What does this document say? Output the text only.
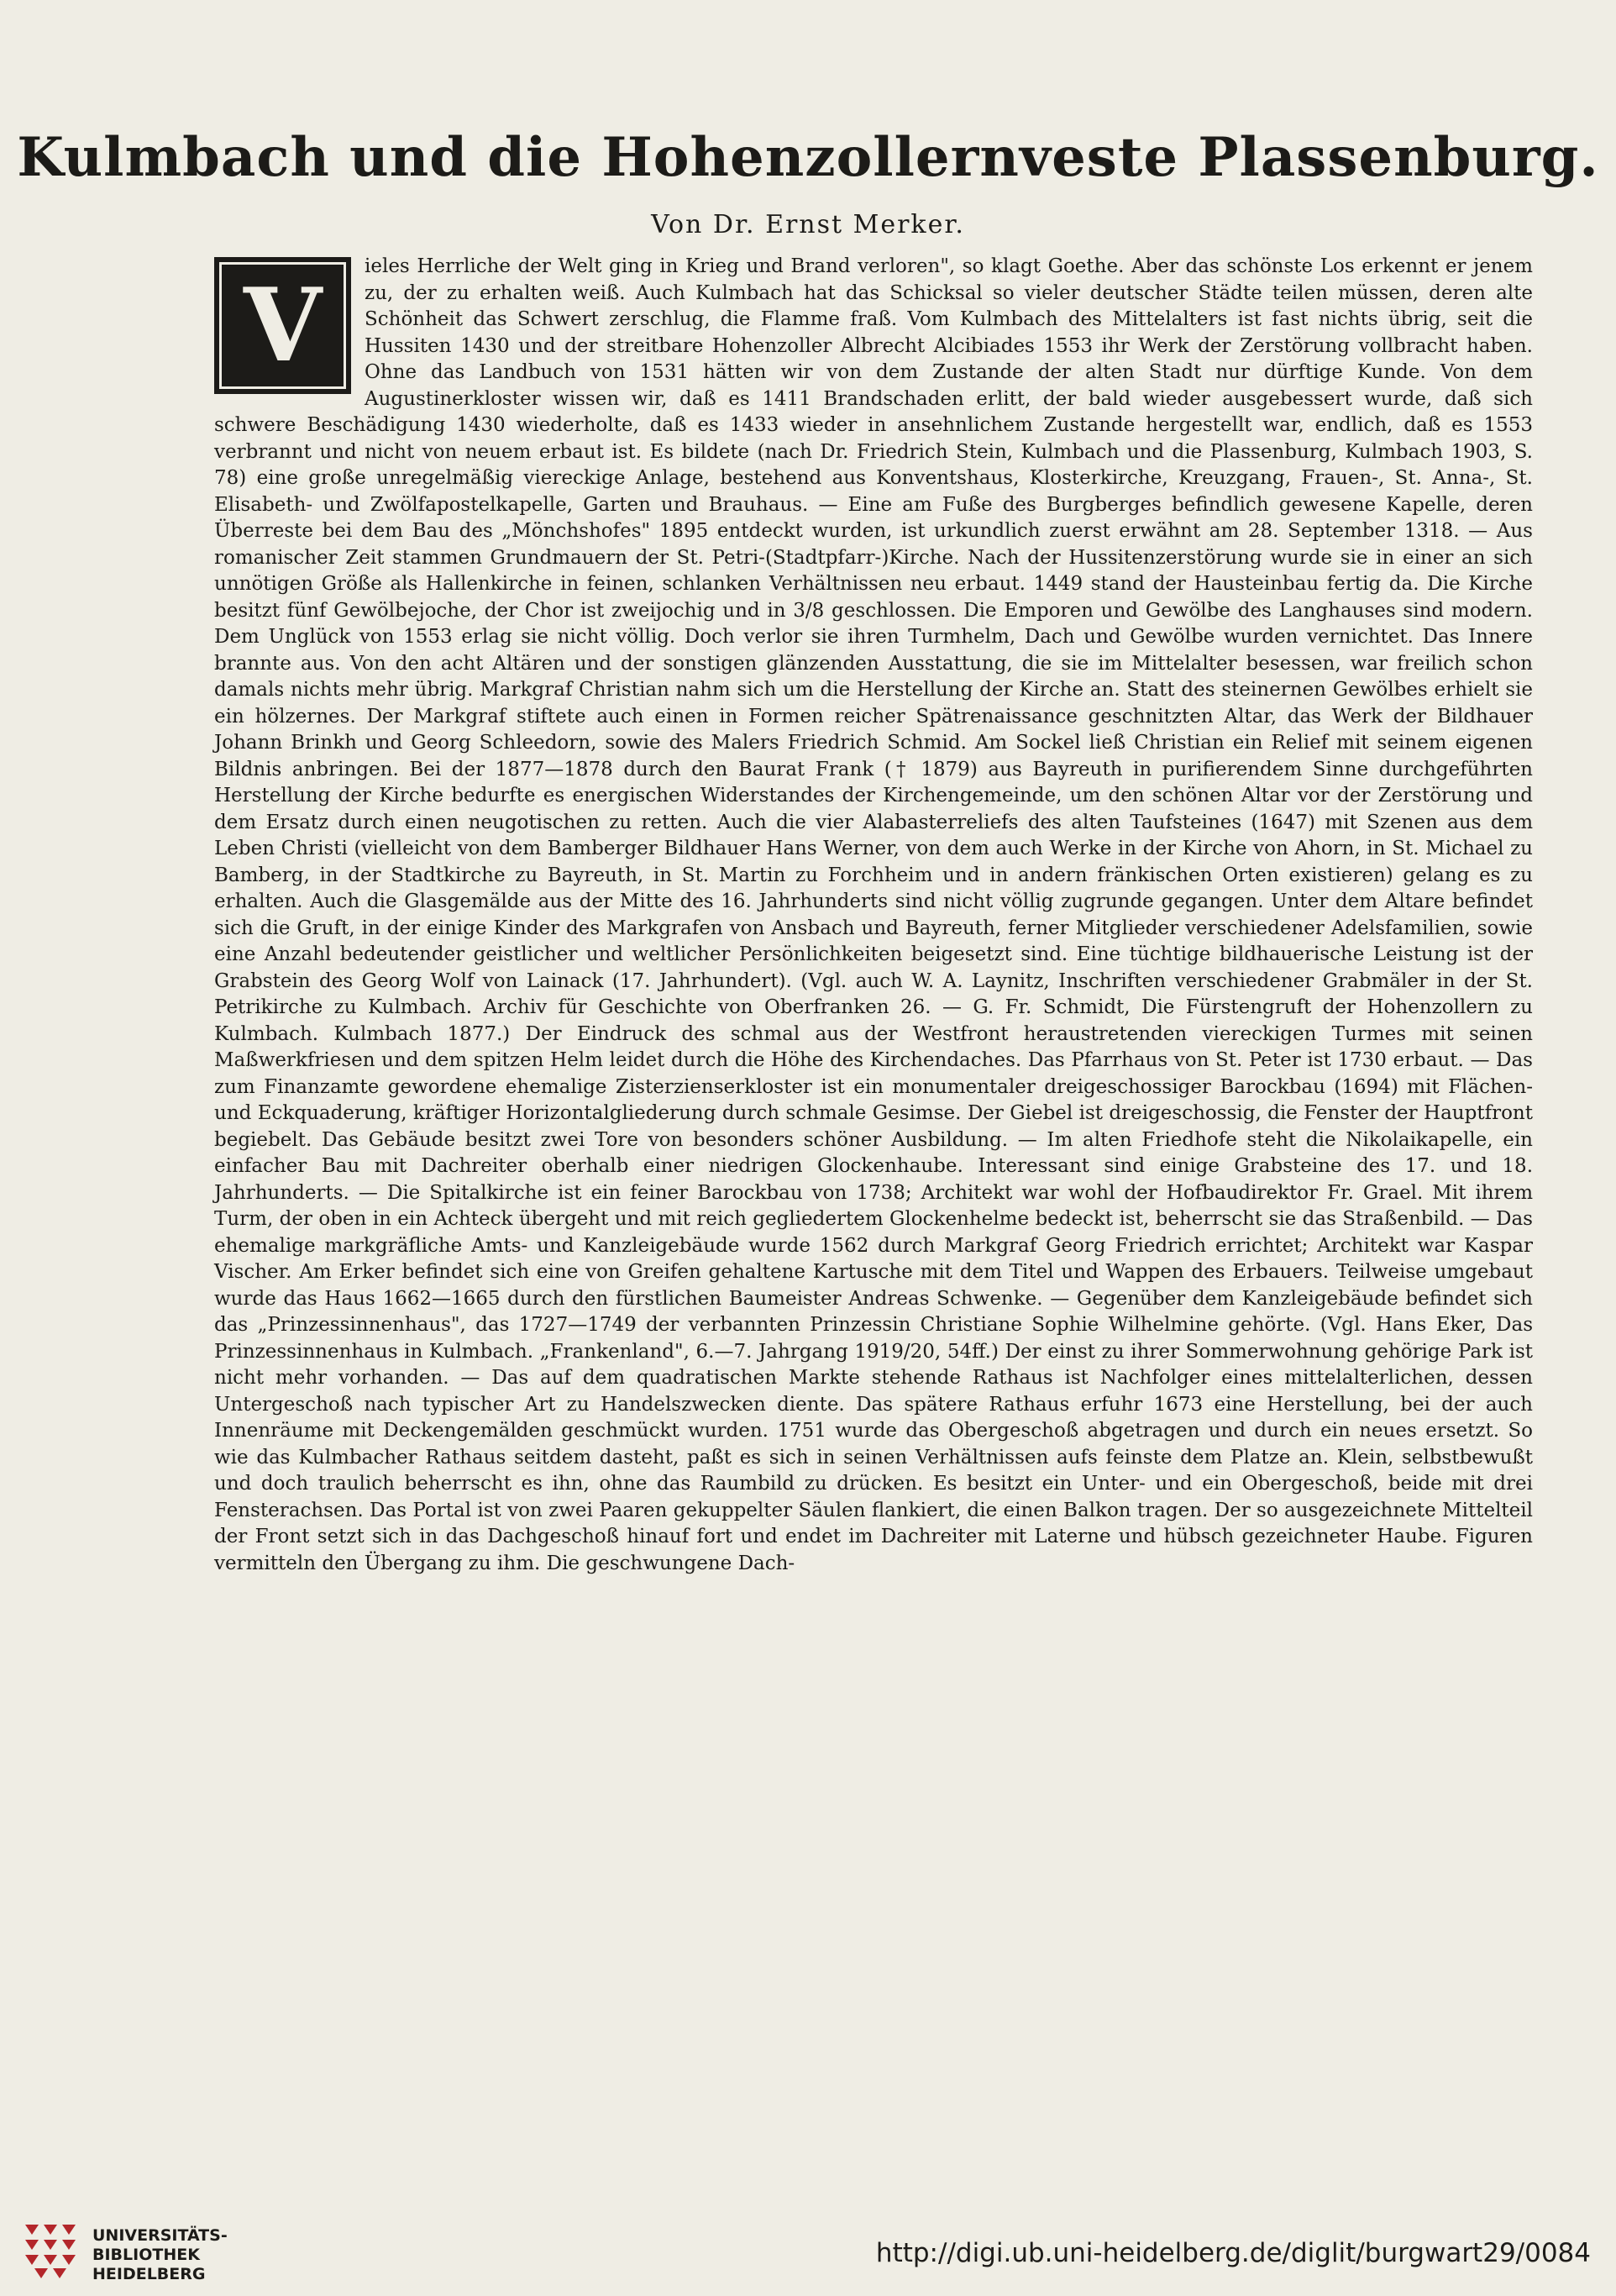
Kulmbach und die Hohenzollernveste Plassenburg.
Von Dr. Ernst Merker.

V	ieles Herrliche der Welt ging in Krieg und Brand verloren", so klagt Goethe. Aber das schönste Los erkennt er jenem zu, der zu erhalten weiß. Auch Kulmbach hat das Schicksal so vieler deutscher Städte teilen müssen, deren alte Schönheit das Schwert zerschlug, die Flamme fraß. Vom Kulmbach des Mittelalters ist fast nichts übrig, seit die Hussiten 1430 und der streitbare Hohenzoller Albrecht Alcibiades 1553 ihr Werk der Zerstörung vollbracht haben. Ohne das Landbuch von 1531 hätten wir von dem Zustande der alten Stadt nur dürftige Kunde. Von dem Augustinerkloster wissen wir, daß es 1411 Brandschaden erlitt, der bald wieder ausgebessert wurde, daß sich schwere Beschädigung 1430 wiederholte, daß es 1433 wieder in ansehnlichem Zustande hergestellt war, endlich, daß es 1553 verbrannt und nicht von neuem erbaut ist. Es bildete (nach Dr. Friedrich Stein, Kulmbach und die Plassenburg, Kulmbach 1903, S. 78) eine große unregelmäßig viereckige Anlage, bestehend aus Konventshaus, Klosterkirche, Kreuzgang, Frauen-, St. Anna-, St. Elisabeth- und Zwölfapostelkapelle, Garten und Brauhaus. — Eine am Fuße des Burgberges befindlich gewesene Kapelle, deren Überreste bei dem Bau des „Mönchshofes" 1895 entdeckt wurden, ist urkundlich zuerst erwähnt am 28. September 1318. — Aus romanischer Zeit stammen Grundmauern der St. Petri-(Stadtpfarr-)Kirche. Nach der Hussitenzerstörung wurde sie in einer an sich unnötigen Größe als Hallenkirche in feinen, schlanken Verhältnissen neu erbaut. 1449 stand der Hausteinbau fertig da. Die Kirche besitzt fünf Gewölbejoche, der Chor ist zweijochig und in 3/8 geschlossen. Die Emporen und Gewölbe des Langhauses sind modern. Dem Unglück von 1553 erlag sie nicht völlig. Doch verlor sie ihren Turmhelm, Dach und Gewölbe wurden vernichtet. Das Innere brannte aus. Von den acht Altären und der sonstigen glänzenden Ausstattung, die sie im Mittelalter besessen, war freilich schon damals nichts mehr übrig. Markgraf Christian nahm sich um die Herstellung der Kirche an. Statt des steinernen Gewölbes erhielt sie ein hölzernes. Der Markgraf stiftete auch einen in Formen reicher Spätrenaissance geschnitzten Altar, das Werk der Bildhauer Johann Brinkh und Georg Schleedorn, sowie des Malers Friedrich Schmid. Am Sockel ließ Christian ein Relief mit seinem eigenen Bildnis anbringen. Bei der 1877—1878 durch den Baurat Frank († 1879) aus Bayreuth in purifierendem Sinne durchgeführten Herstellung der Kirche bedurfte es energischen Widerstandes der Kirchengemeinde, um den schönen Altar vor der Zerstörung und dem Ersatz durch einen neugotischen zu retten. Auch die vier Alabasterreliefs des alten Taufsteines (1647) mit Szenen aus dem Leben Christi (vielleicht von dem Bamberger Bildhauer Hans Werner, von dem auch Werke in der Kirche von Ahorn, in St. Michael zu Bamberg, in der Stadtkirche zu Bayreuth, in St. Martin zu Forchheim und in andern fränkischen Orten existieren) gelang es zu erhalten. Auch die Glasgemälde aus der Mitte des 16. Jahrhunderts sind nicht völlig zugrunde gegangen. Unter dem Altare befindet sich die Gruft, in der einige Kinder des Markgrafen von Ansbach und Bayreuth, ferner Mitglieder verschiedener Adelsfamilien, sowie eine Anzahl bedeutender geistlicher und weltlicher Persönlichkeiten beigesetzt sind. Eine tüchtige bildhauerische Leistung ist der Grabstein des Georg Wolf von Lainack (17. Jahrhundert). (Vgl. auch W. A. Laynitz, Inschriften verschiedener Grabmäler in der St. Petrikirche zu Kulmbach. Archiv für Geschichte von Oberfranken 26. — G. Fr. Schmidt, Die Fürstengruft der Hohenzollern zu Kulmbach. Kulmbach 1877.) Der Eindruck des schmal aus der Westfront heraustretenden viereckigen Turmes mit seinen Maßwerkfriesen und dem spitzen Helm leidet durch die Höhe des Kirchendaches. Das Pfarrhaus von St. Peter ist 1730 erbaut. — Das zum Finanzamte gewordene ehemalige Zisterzienserkloster ist ein monumentaler dreigeschossiger Barockbau (1694) mit Flächen- und Eckquaderung, kräftiger Horizontalgliederung durch schmale Gesimse. Der Giebel ist dreigeschossig, die Fenster der Hauptfront begiebelt. Das Gebäude besitzt zwei Tore von besonders schöner Ausbildung. — Im alten Friedhofe steht die Nikolaikapelle, ein einfacher Bau mit Dachreiter oberhalb einer niedrigen Glockenhaube. Interessant sind einige Grabsteine des 17. und 18. Jahrhunderts. — Die Spitalkirche ist ein feiner Barockbau von 1738; Architekt war wohl der Hofbaudirektor Fr. Grael. Mit ihrem Turm, der oben in ein Achteck übergeht und mit reich gegliedertem Glockenhelme bedeckt ist, beherrscht sie das Straßenbild. — Das ehemalige markgräfliche Amts- und Kanzleigebäude wurde 1562 durch Markgraf Georg Friedrich errichtet; Architekt war Kaspar Vischer. Am Erker befindet sich eine von Greifen gehaltene Kartusche mit dem Titel und Wappen des Erbauers. Teilweise umgebaut wurde das Haus 1662—1665 durch den fürstlichen Baumeister Andreas Schwenke. — Gegenüber dem Kanzleigebäude befindet sich das „Prinzessinnenhaus", das 1727—1749 der verbannten Prinzessin Christiane Sophie Wilhelmine gehörte. (Vgl. Hans Eker, Das Prinzessinnenhaus in Kulmbach. „Frankenland", 6.—7. Jahrgang 1919/20, 54ff.) Der einst zu ihrer Sommerwohnung gehörige Park ist nicht mehr vorhanden. — Das auf dem quadratischen Markte stehende Rathaus ist Nachfolger eines mittelalterlichen, dessen Untergeschoß nach typischer Art zu Handelszwecken diente. Das spätere Rathaus erfuhr 1673 eine Herstellung, bei der auch Innenräume mit Deckengemälden geschmückt wurden. 1751 wurde das Obergeschoß abgetragen und durch ein neues ersetzt. So wie das Kulmbacher Rathaus seitdem dasteht, paßt es sich in seinen Verhältnissen aufs feinste dem Platze an. Klein, selbstbewußt und doch traulich beherrscht es ihn, ohne das Raumbild zu drücken. Es besitzt ein Unter- und ein Obergeschoß, beide mit drei Fensterachsen. Das Portal ist von zwei Paaren gekuppelter Säulen flankiert, die einen Balkon tragen. Der so ausgezeichnete Mittelteil der Front setzt sich in das Dachgeschoß hinauf fort und endet im Dachreiter mit Laterne und hübsch gezeichneter Haube. Figuren vermitteln den Übergang zu ihm. Die geschwungene Dach-

UNIVERSITÄTS-
BIBLIOTHEK
HEIDELBERG
http://digi.ub.uni-heidelberg.de/diglit/burgwart29/0084
